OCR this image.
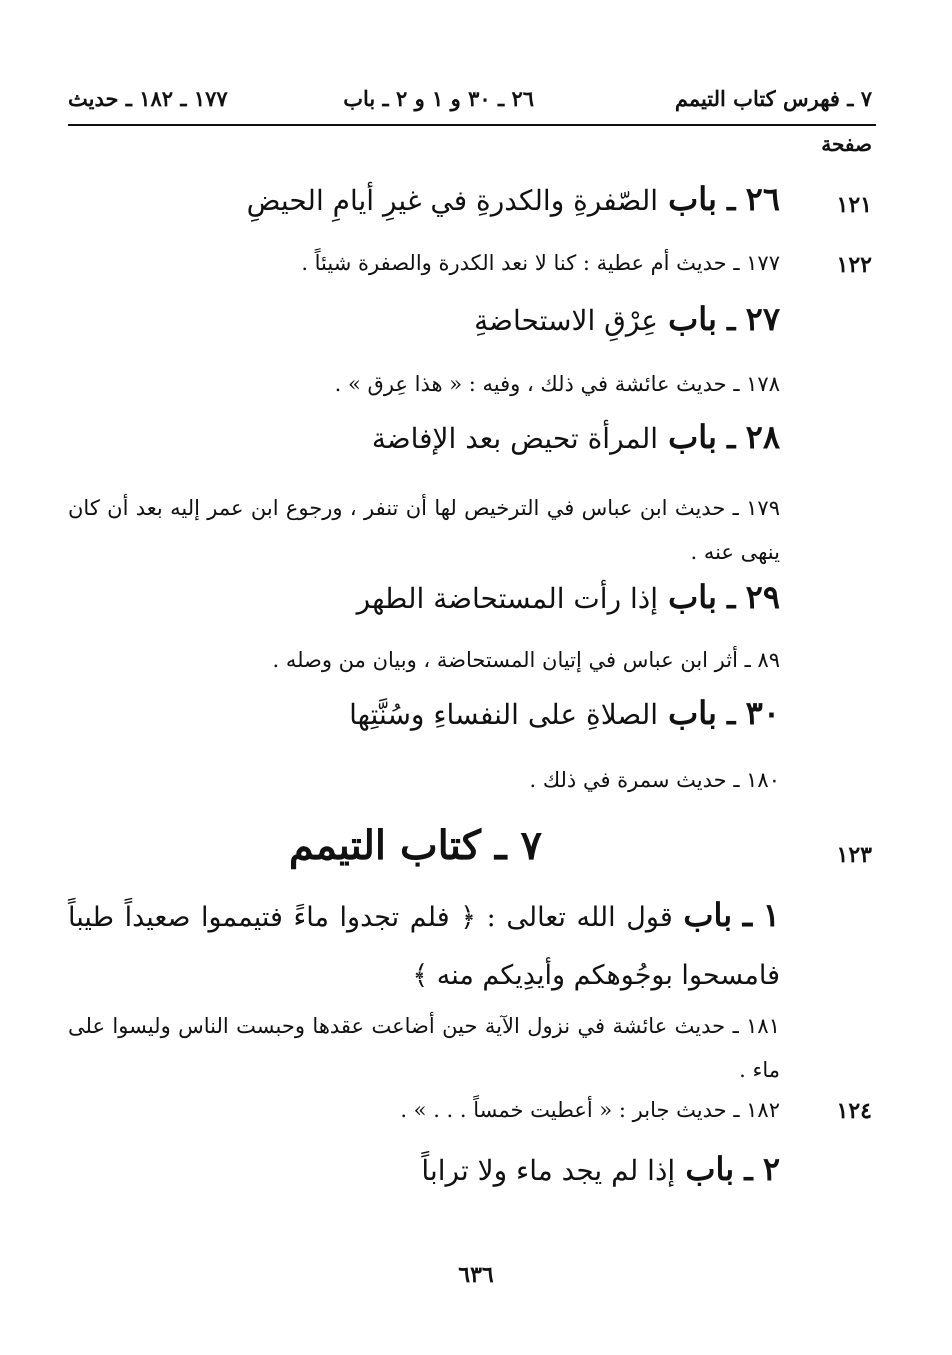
٧ ـ فهرس كتاب التيمم
٢٦ ـ ٣٠ و ١ و ٢ ـ باب
١٧٧ ـ ١٨٢ ـ حديث
صفحة
١٢١
٢٦ ـ باب الصّفرةِ والكدرةِ في غيرِ أيامِ الحيضِ
١٢٢
١٧٧ ـ حديث أم عطية : كنا لا نعد الكدرة والصفرة شيئاً .
٢٧ ـ باب عِرْقِ الاستحاضةِ
١٧٨ ـ حديث عائشة في ذلك ، وفيه : « هذا عِرق » .
٢٨ ـ باب المرأة تحيض بعد الإفاضة
١٧٩ ـ حديث ابن عباس في الترخيص لها أن تنفر ، ورجوع ابن عمر إليه بعد أن كان ينهى عنه .
٢٩ ـ باب إذا رأت المستحاضة الطهر
٨٩ ـ أثر ابن عباس في إتيان المستحاضة ، وبيان من وصله .
٣٠ ـ باب الصلاةِ على النفساءِ وسُنَّتِها
١٨٠ ـ حديث سمرة في ذلك .
١٢٣
٧ ـ كتاب التيمم
١ ـ باب قول الله تعالى : ﴿ فلم تجدوا ماءً فتيمموا صعيداً طيباً فامسحوا بوجُوهكم وأيدِيكم منه ﴾
١٨١ ـ حديث عائشة في نزول الآية حين أضاعت عقدها وحبست الناس وليسوا على ماء .
١٢٤
١٨٢ ـ حديث جابر : « أعطيت خمساً . . . » .
٢ ـ باب إذا لم يجد ماء ولا تراباً
٦٣٦
